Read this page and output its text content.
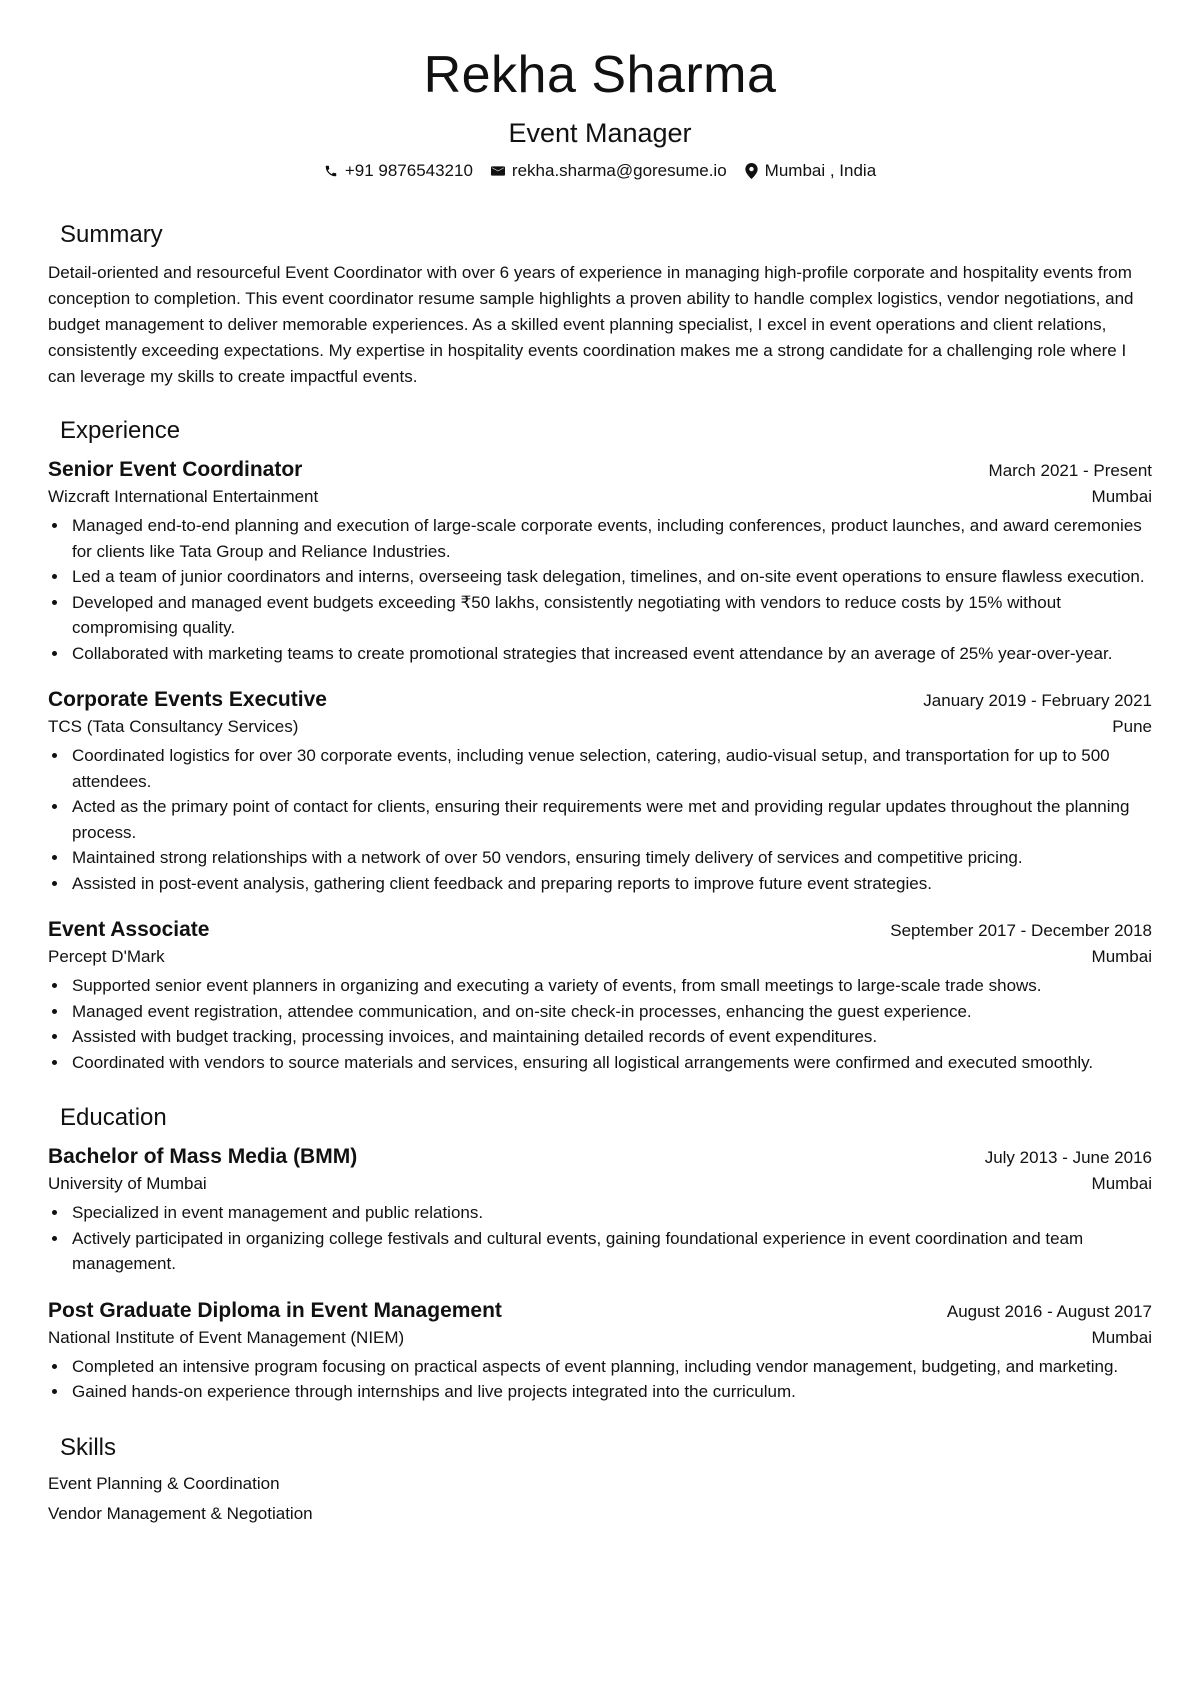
Rekha Sharma
Event Manager
+91 9876543210 rekha.sharma@goresume.io Mumbai , India
Summary
Detail-oriented and resourceful Event Coordinator with over 6 years of experience in managing high-profile corporate and hospitality events from conception to completion. This event coordinator resume sample highlights a proven ability to handle complex logistics, vendor negotiations, and budget management to deliver memorable experiences. As a skilled event planning specialist, I excel in event operations and client relations, consistently exceeding expectations. My expertise in hospitality events coordination makes me a strong candidate for a challenging role where I can leverage my skills to create impactful events.
Experience
Senior Event Coordinator	March 2021 - Present
Wizcraft International Entertainment	Mumbai
Managed end-to-end planning and execution of large-scale corporate events, including conferences, product launches, and award ceremonies for clients like Tata Group and Reliance Industries.
Led a team of junior coordinators and interns, overseeing task delegation, timelines, and on-site event operations to ensure flawless execution.
Developed and managed event budgets exceeding ₹50 lakhs, consistently negotiating with vendors to reduce costs by 15% without compromising quality.
Collaborated with marketing teams to create promotional strategies that increased event attendance by an average of 25% year-over-year.
Corporate Events Executive	January 2019 - February 2021
TCS (Tata Consultancy Services)	Pune
Coordinated logistics for over 30 corporate events, including venue selection, catering, audio-visual setup, and transportation for up to 500 attendees.
Acted as the primary point of contact for clients, ensuring their requirements were met and providing regular updates throughout the planning process.
Maintained strong relationships with a network of over 50 vendors, ensuring timely delivery of services and competitive pricing.
Assisted in post-event analysis, gathering client feedback and preparing reports to improve future event strategies.
Event Associate	September 2017 - December 2018
Percept D'Mark	Mumbai
Supported senior event planners in organizing and executing a variety of events, from small meetings to large-scale trade shows.
Managed event registration, attendee communication, and on-site check-in processes, enhancing the guest experience.
Assisted with budget tracking, processing invoices, and maintaining detailed records of event expenditures.
Coordinated with vendors to source materials and services, ensuring all logistical arrangements were confirmed and executed smoothly.
Education
Bachelor of Mass Media (BMM)	July 2013 - June 2016
University of Mumbai	Mumbai
Specialized in event management and public relations.
Actively participated in organizing college festivals and cultural events, gaining foundational experience in event coordination and team management.
Post Graduate Diploma in Event Management	August 2016 - August 2017
National Institute of Event Management (NIEM)	Mumbai
Completed an intensive program focusing on practical aspects of event planning, including vendor management, budgeting, and marketing.
Gained hands-on experience through internships and live projects integrated into the curriculum.
Skills
Event Planning & Coordination
Vendor Management & Negotiation
